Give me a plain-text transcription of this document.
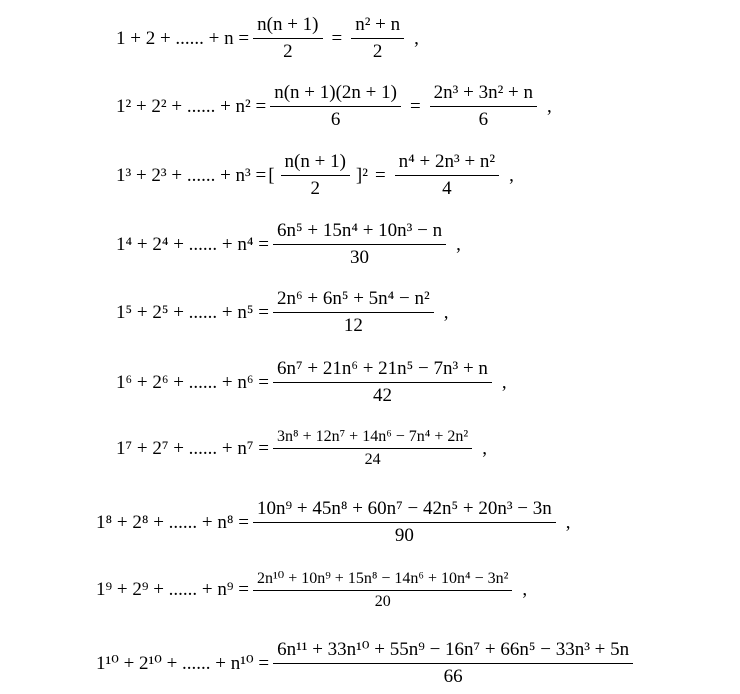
1 + 2 + ...... + $n = \frac{n(n + 1)}{2} = \frac{\text{n² + n}}{2}$ ,
1² + 2² + ...... + $n^2 = \frac{n(n + 1)(2n + 1)}{6} = \frac{\text{2n³ + 3n² + n}}{6}$ ,
1³ + 2³ + ...... + n³ = [ $\frac{n(n + 1)}{2} ]^2 = \frac{\text{n⁴ + 2n³ + n²}}{4}$ ,
1⁴ + 2⁴ + ...... + $n^4 = \frac{\text{6n⁵ + 15n⁴ + 10n³ − n}}{30}$ ,
1⁵ + 2⁵ + ...... + $n^5 = \frac{\text{2n⁶ + 6n⁵ + 5n⁴ − n²}}{12}$ ,
1⁶ + 2⁶ + ...... + $n^6 = \frac{\text{6n⁷ + 21n⁶ + 21n⁵ − 7n³ + n}}{42}$ ,
1⁷ + 2⁷ + ...... + $n^7 = \frac{\text{3n⁸ + 12n⁷ + 14n⁶ − 7n⁴ + 2n²}}{24}$ ,
1⁸ + 2⁸ + ...... + $n^8 = \frac{\text{10n⁹ + 45n⁸ + 60n⁷ − 42n⁵ + 20n³ − 3n}}{90}$ ,
1⁹ + 2⁹ + ...... + $n^9 = \frac{\text{2n¹⁰ + 10n⁹ + 15n⁸ − 14n⁶ + 10n⁴ − 3n²}}{20}$ ,
1¹⁰ + 2¹⁰ + ...... + $n^{10} = \frac{\text{6n¹¹ + 33n¹⁰ + 55n⁹ − 16n⁷ + 66n⁵ − 33n³ + 5n}}{66}$
